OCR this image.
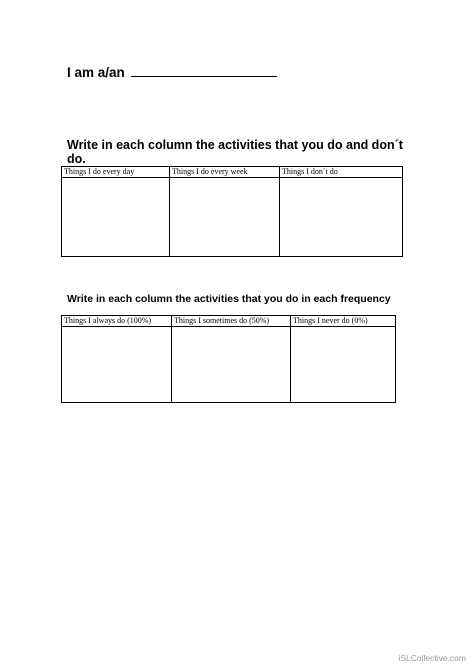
I am a/an
Write in each column the activities that you do and don´t do.
Things I do every day	Things I do every week	Things I don´t do

Write in each column the activities that you do in each frequency
Things I always do (100%)	Things I sometimes do (50%)	Things I never do (0%)

iSLCollective.com
